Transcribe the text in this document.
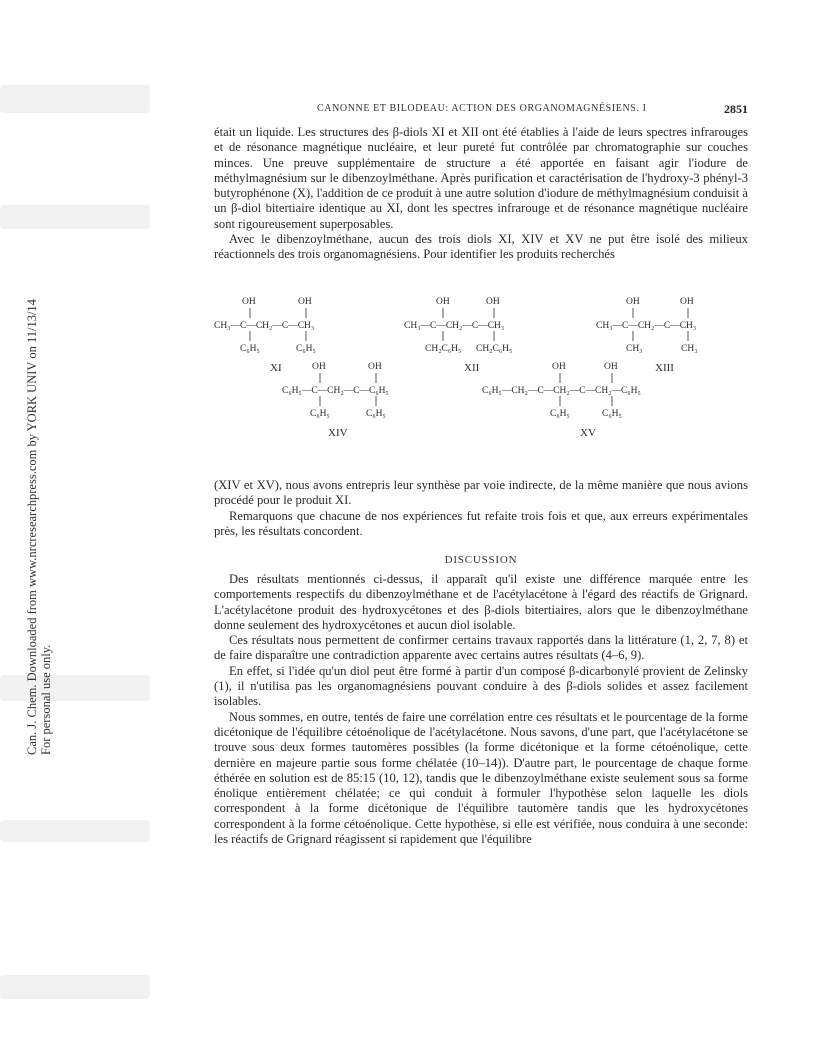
Can. J. Chem. Downloaded from www.nrcresearchpress.com by YORK UNIV on 11/13/14 For personal use only.
CANONNE ET BILODEAU: ACTION DES ORGANOMAGNÉSIENS. I	2851

était un liquide. Les structures des β-diols XI et XII ont été établies à l'aide de leurs spectres infrarouges et de résonance magnétique nucléaire, et leur pureté fut contrôlée par chromatographie sur couches minces. Une preuve supplémentaire de structure a été apportée en faisant agir l'iodure de méthylmagnésium sur le dibenzoylméthane. Après purification et caractérisation de l'hydroxy-3 phényl-3 butyrophénone (X), l'addition de ce produit à une autre solution d'iodure de méthylmagnésium conduisit à un β-diol bitertiaire identique au XI, dont les spectres infrarouge et de résonance magnétique nucléaire sont rigoureusement superposables.

Avec le dibenzoylméthane, aucun des trois diols XI, XIV et XV ne put être isolé des milieux réactionnels des trois organomagnésiens. Pour identifier les produits recherchés

OH	OH
CH₃—C—CH₂—C—CH₃
C₆H₅	C₆H₅
XI
OH	OH
CH₃—C—CH₂—C—CH₃
CH₂C₆H₅ CH₂C₆H₅
XII
OH	OH
CH₃—C—CH₂—C—CH₃
CH₃	CH₃
XIII
OH	OH
C₆H₅—C—CH₂—C—C₆H₅
C₆H₅	C₆H₅
XIV
OH	OH
C₆H₅—CH₂—C—CH₂—C—CH₂—C₆H₅
C₆H₅	C₆H₅
XV

(XIV et XV), nous avons entrepris leur synthèse par voie indirecte, de la même manière que nous avions procédé pour le produit XI.

Remarquons que chacune de nos expériences fut refaite trois fois et que, aux erreurs expérimentales près, les résultats concordent.

DISCUSSION

Des résultats mentionnés ci-dessus, il apparaît qu'il existe une différence marquée entre les comportements respectifs du dibenzoylméthane et de l'acétylacétone à l'égard des réactifs de Grignard. L'acétylacétone produit des hydroxycétones et des β-diols bitertiaires, alors que le dibenzoylméthane donne seulement des hydroxycétones et aucun diol isolable.

Ces résultats nous permettent de confirmer certains travaux rapportés dans la littérature (1, 2, 7, 8) et de faire disparaître une contradiction apparente avec certains autres résultats (4–6, 9).

En effet, si l'idée qu'un diol peut être formé à partir d'un composé β-dicarbonylé provient de Zelinsky (1), il n'utilisa pas les organomagnésiens pouvant conduire à des β-diols solides et assez facilement isolables.

Nous sommes, en outre, tentés de faire une corrélation entre ces résultats et le pourcentage de la forme dicétonique de l'équilibre cétoénolique de l'acétylacétone. Nous savons, d'une part, que l'acétylacétone se trouve sous deux formes tautomères possibles (la forme dicétonique et la forme cétoénolique, cette dernière en majeure partie sous forme chélatée (10–14)). D'autre part, le pourcentage de chaque forme éthérée en solution est de 85:15 (10, 12), tandis que le dibenzoylméthane existe seulement sous sa forme énolique entièrement chélatée; ce qui conduit à formuler l'hypothèse selon laquelle les diols correspondent à la forme dicétonique de l'équilibre tautomère tandis que les hydroxycétones correspondent à la forme cétoénolique. Cette hypothèse, si elle est vérifiée, nous conduira à une seconde: les réactifs de Grignard réagissent si rapidement que l'équilibre
